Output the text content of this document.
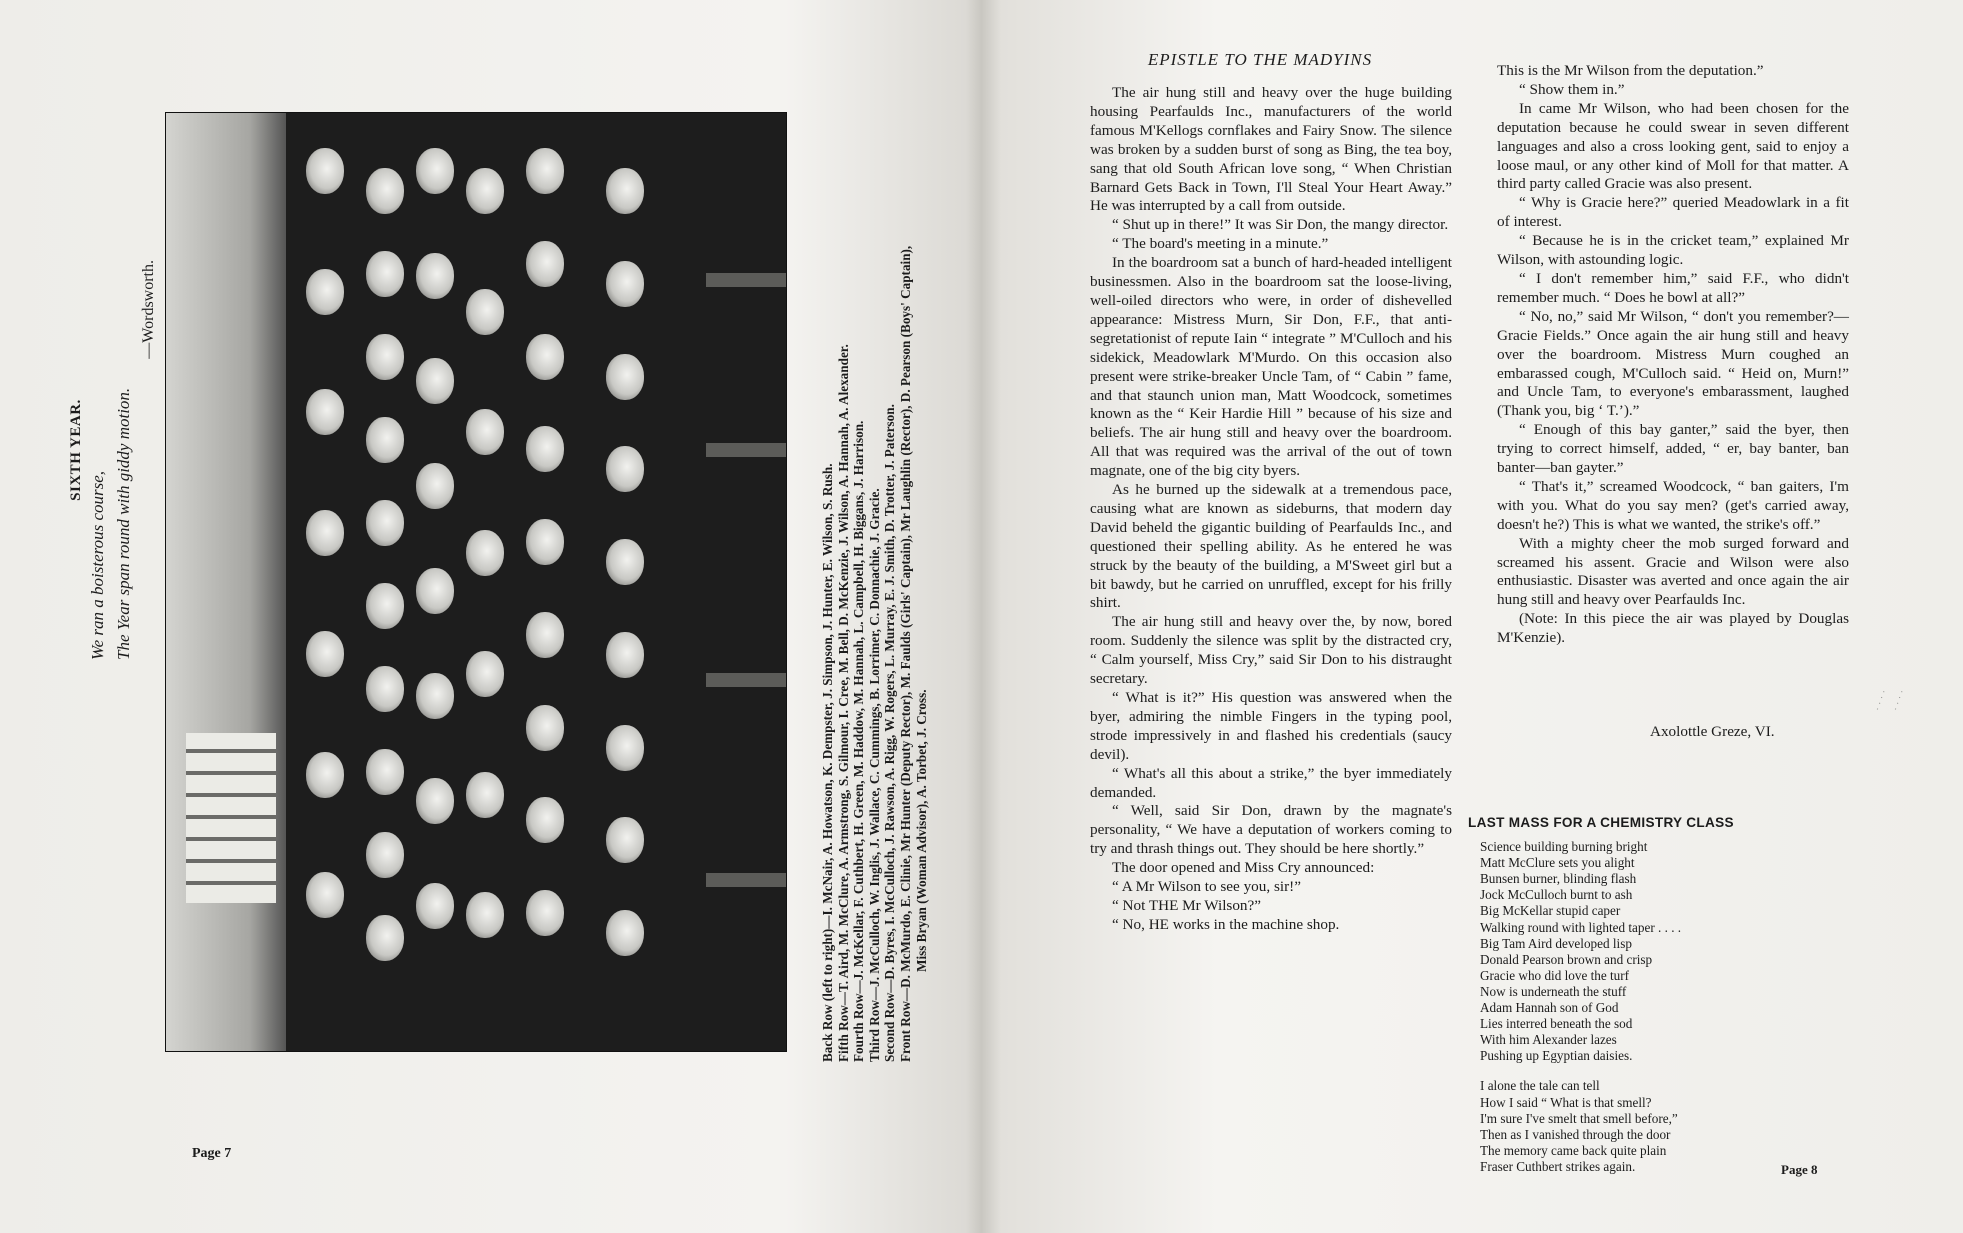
SIXTH YEAR.
We ran a boisterous course, The Year span round with giddy motion.
—Wordsworth.
Back Row (left to right)—I. McNair, A. Howatson, K. Dempster, J. Simpson, J. Hunter, E. Wilson, S. Rush. Fifth Row—T. Aird, M. McClure, A. Armstrong, S. Gilmour, I. Cree, M. Bell, D. McKenzie, J. Wilson, A. Hannah, A. Alexander. Fourth Row—J. McKellar, F. Cuthbert, H. Green, M. Haddow, M. Hannah, L. Campbell, H. Biggans, J. Harrison. Third Row—J. McCulloch, W. Inglis, J. Wallace, C. Cummings, B. Lorrimer, C. Donnachie, J. Gracie. Second Row—D. Byres, I. McCulloch, J. Rawson, A. Rigg, W. Rogers, L. Murray, E. J. Smith, D. Trotter, J. Paterson. Front Row—D. McMurdo, E. Clinie, Mr Hunter (Deputy Rector), M. Faulds (Girls' Captain), Mr Laughlin (Rector), D. Pearson (Boys' Captain), Miss Bryan (Woman Advisor), A. Torbet, J. Cross.
Page 7
EPISTLE TO THE MADYINS

The air hung still and heavy over the huge building housing Pearfaulds Inc., manufacturers of the world famous M'Kellogs cornflakes and Fairy Snow. The silence was broken by a sudden burst of song as Bing, the tea boy, sang that old South African love song, “ When Christian Barnard Gets Back in Town, I'll Steal Your Heart Away.” He was interrupted by a call from outside.

“ Shut up in there!” It was Sir Don, the mangy director.

“ The board's meeting in a minute.”

In the boardroom sat a bunch of hard-headed intelligent businessmen. Also in the boardroom sat the loose-living, well-oiled directors who were, in order of dishevelled appearance: Mistress Murn, Sir Don, F.F., that anti-segretationist of repute Iain “ integrate ” M'Culloch and his sidekick, Meadowlark M'Murdo. On this occasion also present were strike-breaker Uncle Tam, of “ Cabin ” fame, and that staunch union man, Matt Woodcock, sometimes known as the “ Keir Hardie Hill ” because of his size and beliefs. The air hung still and heavy over the boardroom. All that was required was the arrival of the out of town magnate, one of the big city byers.

As he burned up the sidewalk at a tremendous pace, causing what are known as sideburns, that modern day David beheld the gigantic building of Pearfaulds Inc., and questioned their spelling ability. As he entered he was struck by the beauty of the building, a M'Sweet girl but a bit bawdy, but he carried on unruffled, except for his frilly shirt.

The air hung still and heavy over the, by now, bored room. Suddenly the silence was split by the distracted cry, “ Calm yourself, Miss Cry,” said Sir Don to his distraught secretary.

“ What is it?” His question was answered when the byer, admiring the nimble Fingers in the typing pool, strode impressively in and flashed his credentials (saucy devil).

“ What's all this about a strike,” the byer immediately demanded.

“ Well, said Sir Don, drawn by the magnate's personality, “ We have a deputation of workers coming to try and thrash things out. They should be here shortly.”

The door opened and Miss Cry announced:

“ A Mr Wilson to see you, sir!”

“ Not THE Mr Wilson?”

“ No, HE works in the machine shop.

This is the Mr Wilson from the deputation.”

“ Show them in.”

In came Mr Wilson, who had been chosen for the deputation because he could swear in seven different languages and also a cross looking gent, said to enjoy a loose maul, or any other kind of Moll for that matter. A third party called Gracie was also present.

“ Why is Gracie here?” queried Meadowlark in a fit of interest.

“ Because he is in the cricket team,” explained Mr Wilson, with astounding logic.

“ I don't remember him,” said F.F., who didn't remember much. “ Does he bowl at all?”

“ No, no,” said Mr Wilson, “ don't you remember?—Gracie Fields.” Once again the air hung still and heavy over the boardroom. Mistress Murn coughed an embarassed cough, M'Culloch said. “ Heid on, Murn!” and Uncle Tam, to everyone's embarassment, laughed (Thank you, big ‘ T.’).”

“ Enough of this bay ganter,” said the byer, then trying to correct himself, added, “ er, bay banter, ban banter—ban gayter.”

“ That's it,” screamed Woodcock, “ ban gaiters, I'm with you. What do you say men? (get's carried away, doesn't he?) This is what we wanted, the strike's off.”

With a mighty cheer the mob surged forward and screamed his assent. Gracie and Wilson were also enthusiastic. Disaster was averted and once again the air hung still and heavy over Pearfaulds Inc.

(Note: In this piece the air was played by Douglas M'Kenzie).

Axolottle Greze, VI.
· · · · · · · ·
LAST MASS FOR A CHEMISTRY CLASS
Science building burning bright
Matt McClure sets you alight
Bunsen burner, blinding flash
Jock McCulloch burnt to ash
Big McKellar stupid caper
Walking round with lighted taper . . . .
Big Tam Aird developed lisp
Donald Pearson brown and crisp
Gracie who did love the turf
Now is underneath the stuff
Adam Hannah son of God
Lies interred beneath the sod
With him Alexander lazes
Pushing up Egyptian daisies.
I alone the tale can tell
How I said “ What is that smell?
I'm sure I've smelt that smell before,”
Then as I vanished through the door
The memory came back quite plain
Fraser Cuthbert strikes again.	Page 8
